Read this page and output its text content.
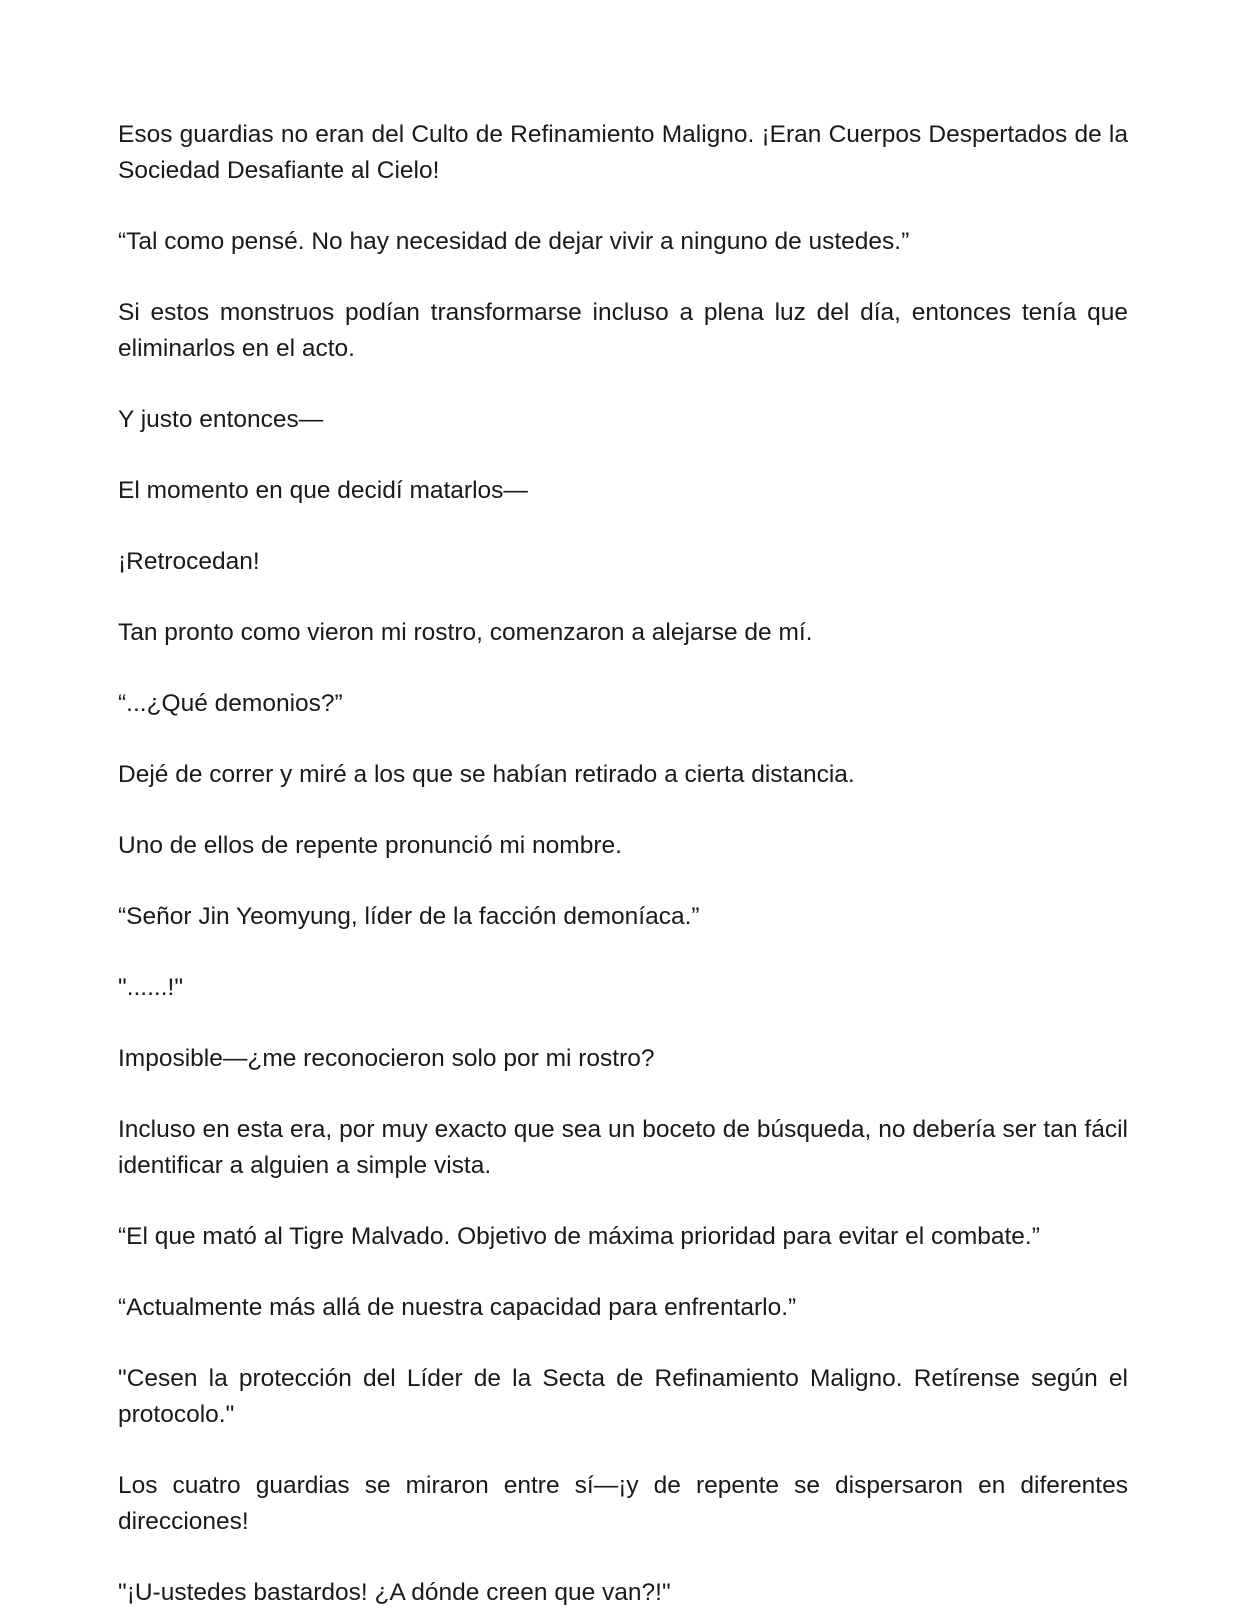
Esos guardias no eran del Culto de Refinamiento Maligno. ¡Eran Cuerpos Despertados de la Sociedad Desafiante al Cielo!

“Tal como pensé. No hay necesidad de dejar vivir a ninguno de ustedes.”

Si estos monstruos podían transformarse incluso a plena luz del día, entonces tenía que eliminarlos en el acto.

Y justo entonces—

El momento en que decidí matarlos—

¡Retrocedan!

Tan pronto como vieron mi rostro, comenzaron a alejarse de mí.

“...¿Qué demonios?”

Dejé de correr y miré a los que se habían retirado a cierta distancia.

Uno de ellos de repente pronunció mi nombre.

“Señor Jin Yeomyung, líder de la facción demoníaca.”

"......!"

Imposible—¿me reconocieron solo por mi rostro?

Incluso en esta era, por muy exacto que sea un boceto de búsqueda, no debería ser tan fácil identificar a alguien a simple vista.

“El que mató al Tigre Malvado. Objetivo de máxima prioridad para evitar el combate.”

“Actualmente más allá de nuestra capacidad para enfrentarlo.”

"Cesen la protección del Líder de la Secta de Refinamiento Maligno. Retírense según el protocolo."

Los cuatro guardias se miraron entre sí—¡y de repente se dispersaron en diferentes direcciones!

"¡U-ustedes bastardos! ¿A dónde creen que van?!"
